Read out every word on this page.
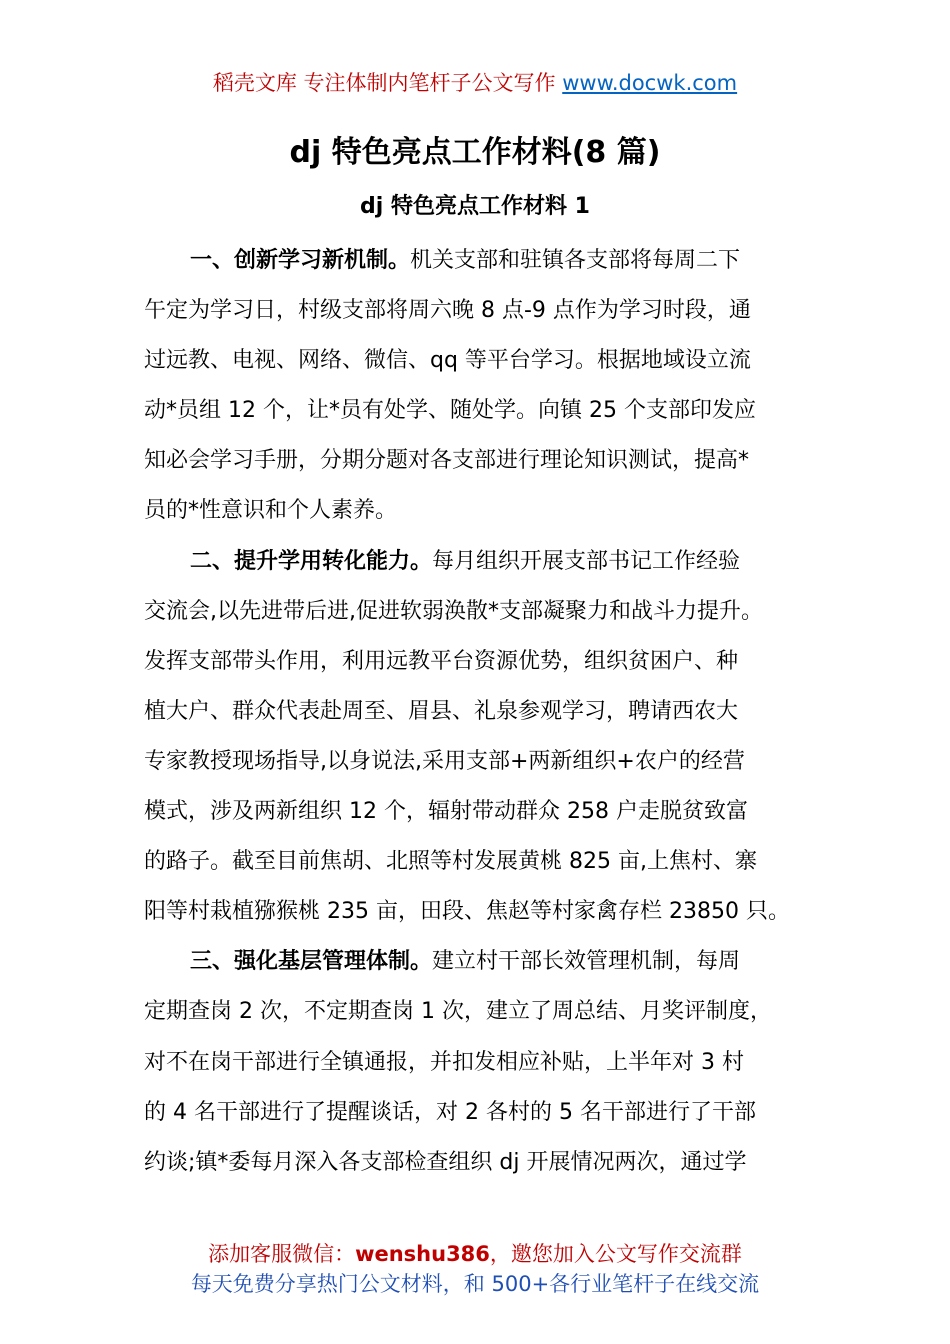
稻壳文库 专注体制内笔杆子公文写作 www.docwk.com
dj 特色亮点工作材料(8 篇)
dj 特色亮点工作材料 1
一、创新学习新机制。机关支部和驻镇各支部将每周二下
午定为学习日，村级支部将周六晚 8 点-9 点作为学习时段，通
过远教、电视、网络、微信、qq 等平台学习。根据地域设立流
动*员组 12 个，让*员有处学、随处学。向镇 25 个支部印发应
知必会学习手册，分期分题对各支部进行理论知识测试，提高*
员的*性意识和个人素养。
二、提升学用转化能力。每月组织开展支部书记工作经验
交流会,以先进带后进,促进软弱涣散*支部凝聚力和战斗力提升。
发挥支部带头作用，利用远教平台资源优势，组织贫困户、种
植大户、群众代表赴周至、眉县、礼泉参观学习，聘请西农大
专家教授现场指导,以身说法,采用支部+两新组织+农户的经营
模式，涉及两新组织 12 个，辐射带动群众 258 户走脱贫致富
的路子。截至目前焦胡、北照等村发展黄桃 825 亩,上焦村、寨
阳等村栽植猕猴桃 235 亩，田段、焦赵等村家禽存栏 23850 只。
三、强化基层管理体制。建立村干部长效管理机制，每周
定期查岗 2 次，不定期查岗 1 次，建立了周总结、月奖评制度，
对不在岗干部进行全镇通报，并扣发相应补贴，上半年对 3 村
的 4 名干部进行了提醒谈话，对 2 各村的 5 名干部进行了干部
约谈;镇*委每月深入各支部检查组织 dj 开展情况两次，通过学
添加客服微信：wenshu386，邀您加入公文写作交流群
每天免费分享热门公文材料，和 500+各行业笔杆子在线交流
